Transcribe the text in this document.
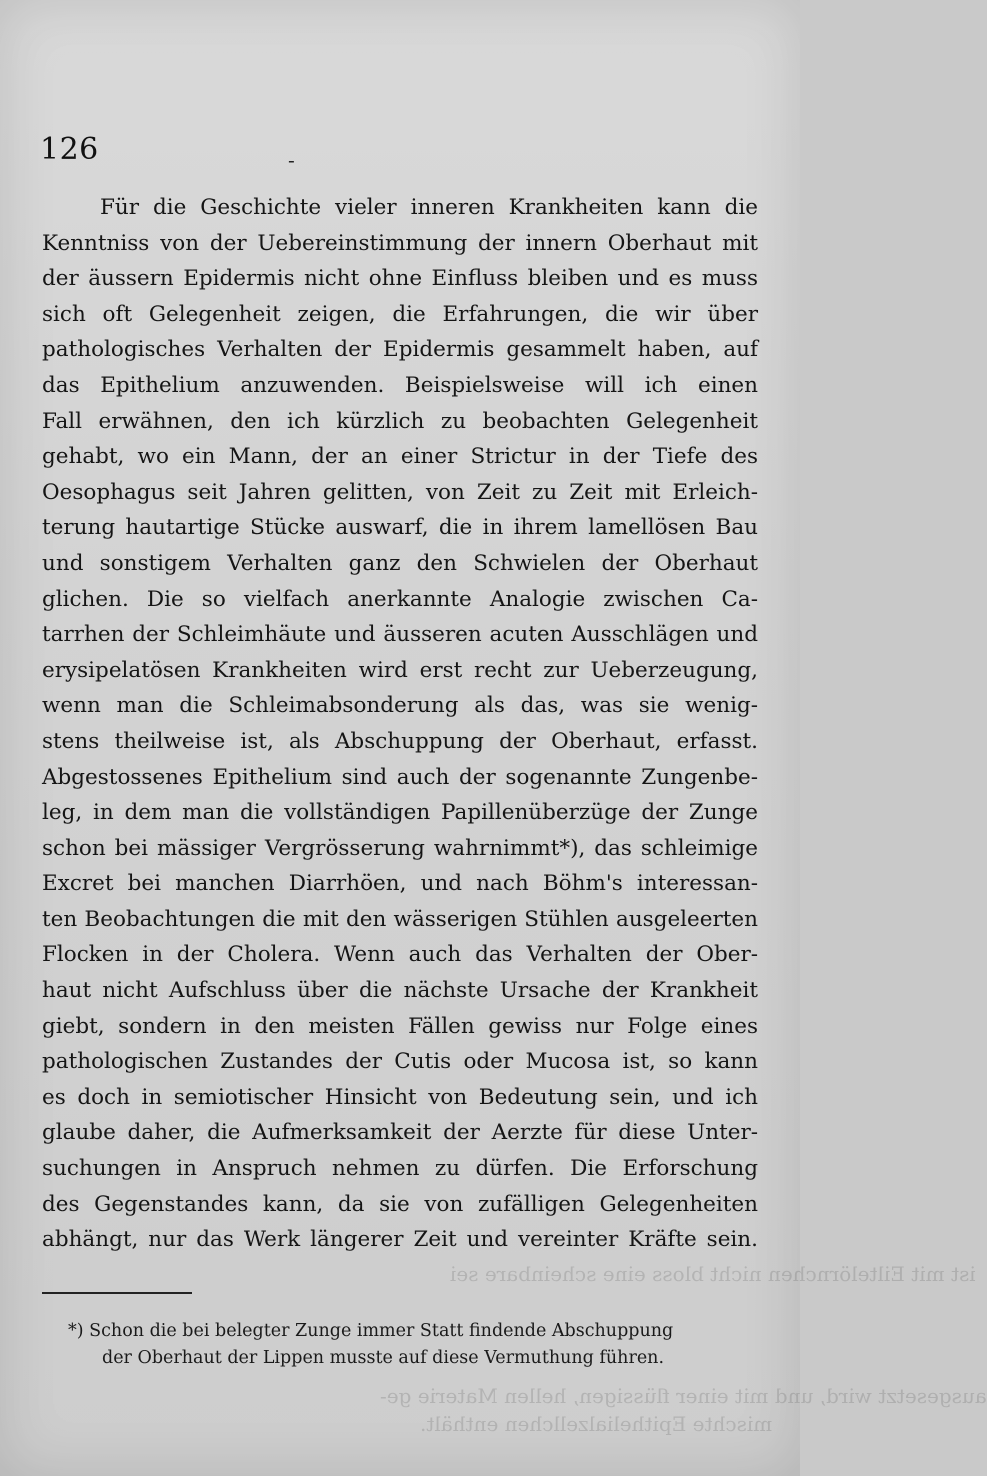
ist mit Eiltelörnchen nicht bloss eine scheinbare sei
ausgesetzt wird, und mit einer flüssigen, hellen Materie ge-
mischte Epithelialzellchen enthält.
126	-
Für die Geschichte vieler inneren Krankheiten kann die
Kenntniss von der Uebereinstimmung der innern Oberhaut mit
der äussern Epidermis nicht ohne Einfluss bleiben und es muss
sich oft Gelegenheit zeigen, die Erfahrungen, die wir über
pathologisches Verhalten der Epidermis gesammelt haben, auf
das Epithelium anzuwenden. Beispielsweise will ich einen
Fall erwähnen, den ich kürzlich zu beobachten Gelegenheit
gehabt, wo ein Mann, der an einer Strictur in der Tiefe des
Oesophagus seit Jahren gelitten, von Zeit zu Zeit mit Erleich-
terung hautartige Stücke auswarf, die in ihrem lamellösen Bau
und sonstigem Verhalten ganz den Schwielen der Oberhaut
glichen. Die so vielfach anerkannte Analogie zwischen Ca-
tarrhen der Schleimhäute und äusseren acuten Ausschlägen und
erysipelatösen Krankheiten wird erst recht zur Ueberzeugung,
wenn man die Schleimabsonderung als das, was sie wenig-
stens theilweise ist, als Abschuppung der Oberhaut, erfasst.
Abgestossenes Epithelium sind auch der sogenannte Zungenbe-
leg, in dem man die vollständigen Papillenüberzüge der Zunge
schon bei mässiger Vergrösserung wahrnimmt*), das schleimige
Excret bei manchen Diarrhöen, und nach Böhm's interessan-
ten Beobachtungen die mit den wässerigen Stühlen ausgeleerten
Flocken in der Cholera. Wenn auch das Verhalten der Ober-
haut nicht Aufschluss über die nächste Ursache der Krankheit
giebt, sondern in den meisten Fällen gewiss nur Folge eines
pathologischen Zustandes der Cutis oder Mucosa ist, so kann
es doch in semiotischer Hinsicht von Bedeutung sein, und ich
glaube daher, die Aufmerksamkeit der Aerzte für diese Unter-
suchungen in Anspruch nehmen zu dürfen. Die Erforschung
des Gegenstandes kann, da sie von zufälligen Gelegenheiten
abhängt, nur das Werk längerer Zeit und vereinter Kräfte sein.
*) Schon die bei belegter Zunge immer Statt findende Abschuppung
der Oberhaut der Lippen musste auf diese Vermuthung führen.
